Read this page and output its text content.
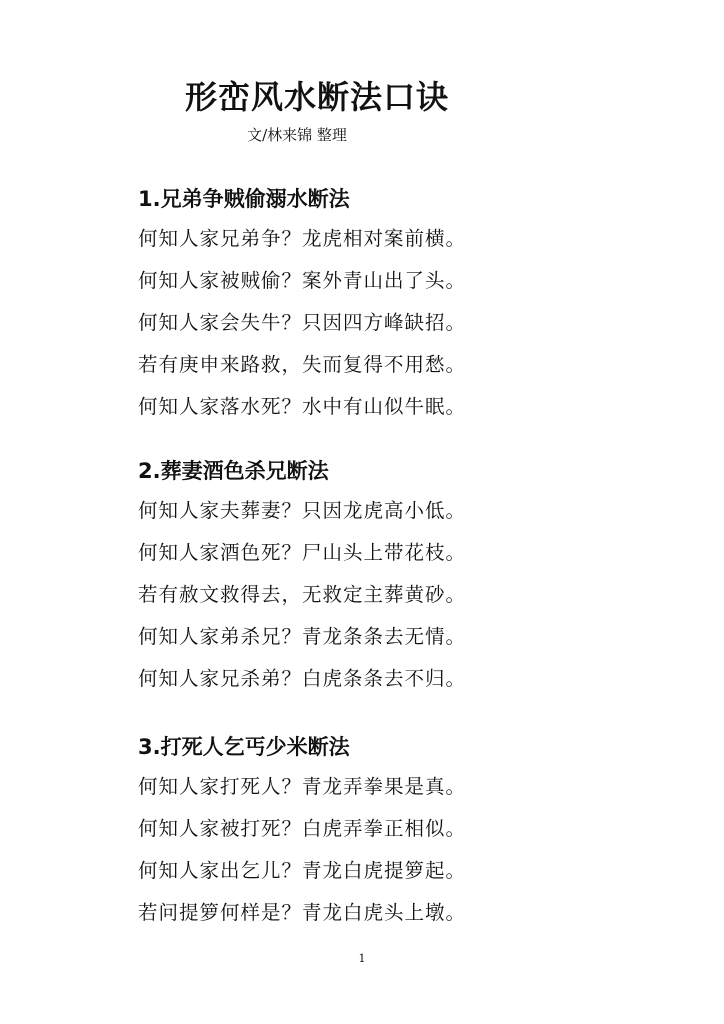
形峦风水断法口诀
文/林来锦 整理
1.兄弟争贼偷溺水断法
何知人家兄弟争？龙虎相对案前横。
何知人家被贼偷？案外青山出了头。
何知人家会失牛？只因四方峰缺招。
若有庚申来路救，失而复得不用愁。
何知人家落水死？水中有山似牛眠。
2.葬妻酒色杀兄断法
何知人家夫葬妻？只因龙虎高小低。
何知人家酒色死？尸山头上带花枝。
若有赦文救得去，无救定主葬黄砂。
何知人家弟杀兄？青龙条条去无情。
何知人家兄杀弟？白虎条条去不归。
3.打死人乞丐少米断法
何知人家打死人？青龙弄拳果是真。
何知人家被打死？白虎弄拳正相似。
何知人家出乞儿？青龙白虎提箩起。
若问提箩何样是？青龙白虎头上墩。
1
